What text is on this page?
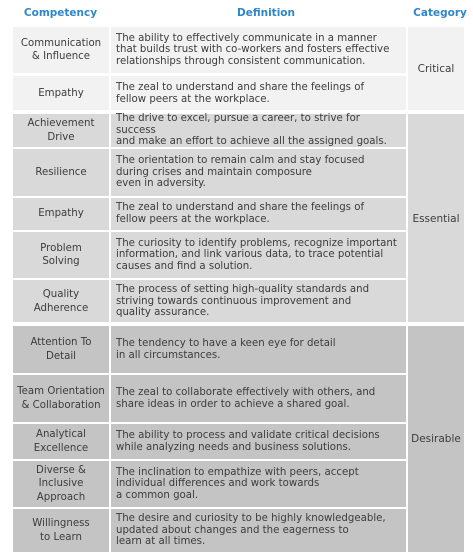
Competency	Definition	Category
Communication
& Influence
The ability to effectively communicate in a manner
that builds trust with co-workers and fosters effective
relationships through consistent communication.
Empathy
The zeal to understand and share the feelings of
fellow peers at the workplace.
Critical
Achievement
Drive
The drive to excel, pursue a career, to strive for success
and make an effort to achieve all the assigned goals.
Resilience
The orientation to remain calm and stay focused
during crises and maintain composure
even in adversity.
Empathy
The zeal to understand and share the feelings of
fellow peers at the workplace.
Problem
Solving
The curiosity to identify problems, recognize important
information, and link various data, to trace potential
causes and find a solution.
Quality
Adherence
The process of setting high-quality standards and
striving towards continuous improvement and
quality assurance.
Essential
Attention To
Detail
The tendency to have a keen eye for detail
in all circumstances.
Team Orientation
& Collaboration
The zeal to collaborate effectively with others, and
share ideas in order to achieve a shared goal.
Analytical
Excellence
The ability to process and validate critical decisions
while analyzing needs and business solutions.
Diverse &
Inclusive
Approach
The inclination to empathize with peers, accept
individual differences and work towards
a common goal.
Willingness
to Learn
The desire and curiosity to be highly knowledgeable,
updated about changes and the eagerness to
learn at all times.
Desirable
